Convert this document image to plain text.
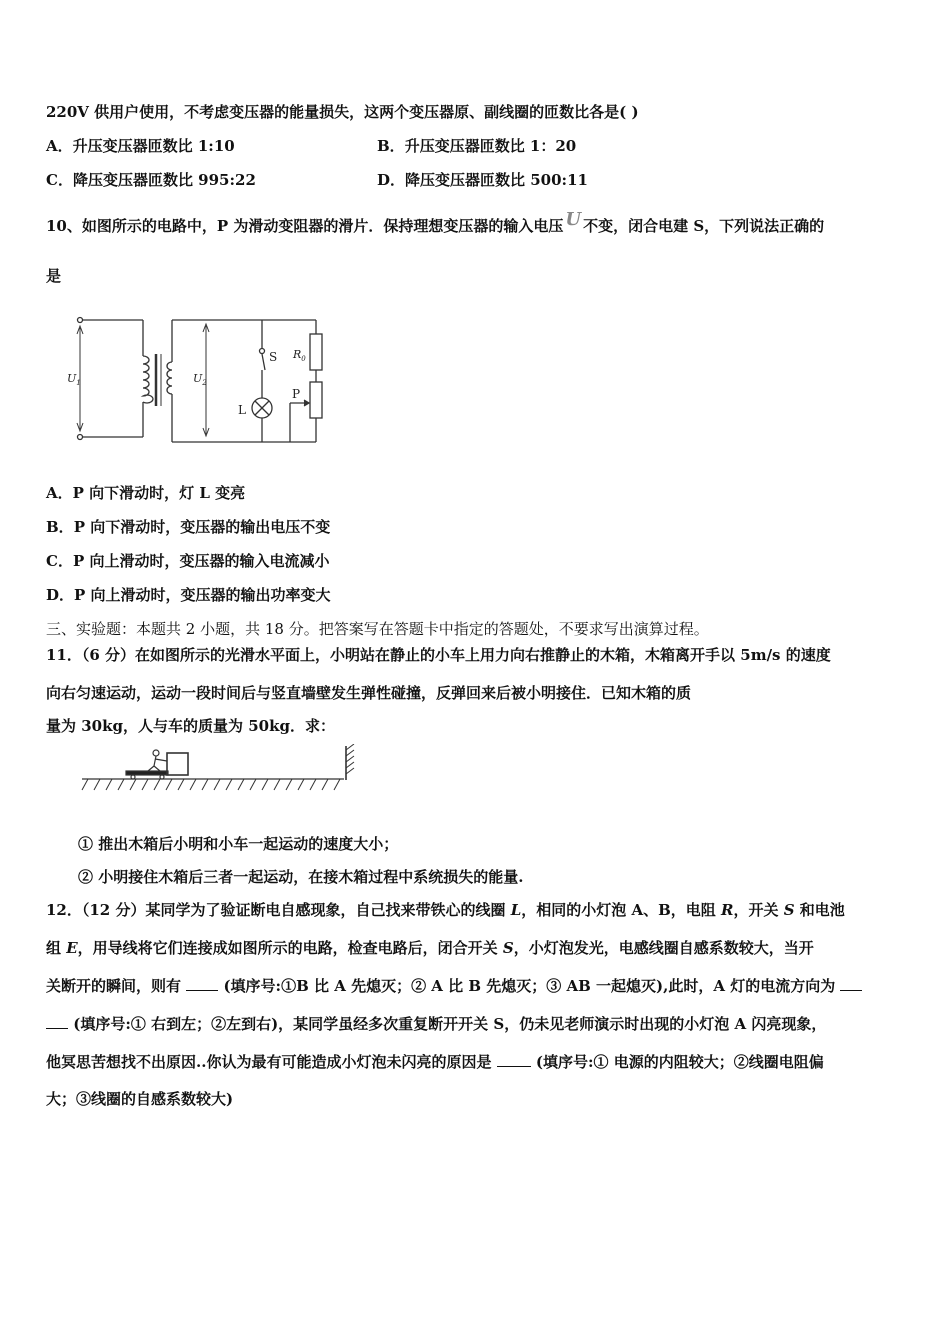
220V 供用户使用，不考虑变压器的能量损失，这两个变压器原、副线圈的匝数比各是( )
A．升压变压器匝数比 1:10	B．升压变压器匝数比 1：20
C．降压变压器匝数比 995:22	D．降压变压器匝数比 500:11
10、如图所示的电路中，P 为滑动变阻器的滑片．保持理想变压器的输入电压 U 不变，闭合电建 S，下列说法正确的
是
$U_1$	$U_2$
$R_0$
S
P
L
A．P 向下滑动时，灯 L 变亮
B．P 向下滑动时，变压器的输出电压不变
C．P 向上滑动时，变压器的输入电流减小
D．P 向上滑动时，变压器的输出功率变大
三、实验题：本题共 2 小题，共 18 分。把答案写在答题卡中指定的答题处，不要求写出演算过程。
11．（6 分）在如图所示的光滑水平面上，小明站在静止的小车上用力向右推静止的木箱，木箱离开手以 5m/s 的速度
向右匀速运动，运动一段时间后与竖直墙壁发生弹性碰撞，反弹回来后被小明接住．已知木箱的质
量为 30kg，人与车的质量为 50kg．求：
① 推出木箱后小明和小车一起运动的速度大小；
② 小明接住木箱后三者一起运动，在接木箱过程中系统损失的能量.
12．（12 分）某同学为了验证断电自感现象，自己找来带铁心的线圈 L，相同的小灯泡 A、B，电阻 R，开关 S 和电池
组 E，用导线将它们连接成如图所示的电路，检查电路后，闭合开关 S，小灯泡发光，电感线圈自感系数较大，当开
关断开的瞬间，则有  (填序号:①B 比 A 先熄灭；② A 比 B 先熄灭；③ AB 一起熄灭),此时，A 灯的电流方向为
(填序号:① 右到左；②左到右)，某同学虽经多次重复断开开关 S，仍未见老师演示时出现的小灯泡 A 闪亮现象，
他冥思苦想找不出原因..你认为最有可能造成小灯泡未闪亮的原因是  (填序号:① 电源的内阻较大；②线圈电阻偏
大；③线圈的自感系数较大)
